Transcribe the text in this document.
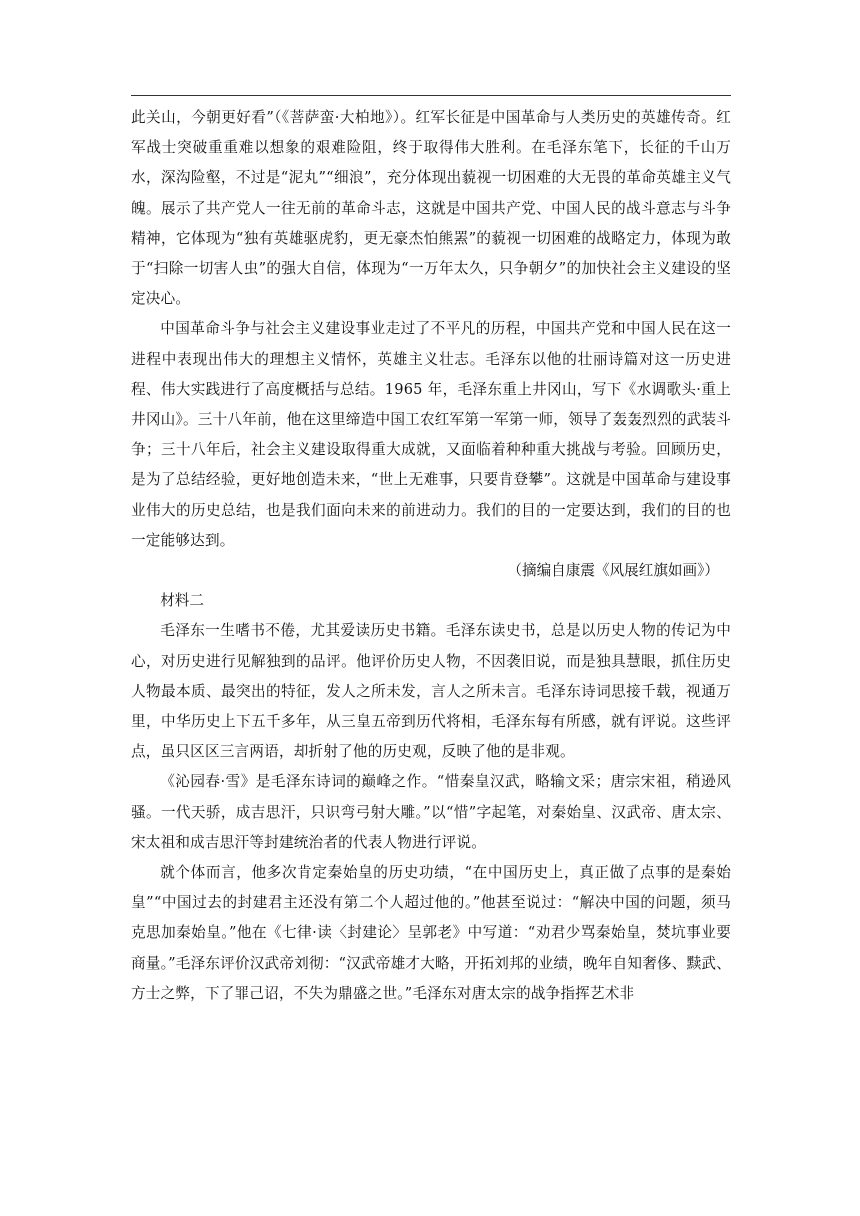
此关山，今朝更好看”（《菩萨蛮·大柏地》）。红军长征是中国革命与人类历史的英雄传奇。红军战士突破重重难以想象的艰难险阻，终于取得伟大胜利。在毛泽东笔下，长征的千山万水，深沟险壑，不过是“泥丸”“细浪”，充分体现出藐视一切困难的大无畏的革命英雄主义气魄。展示了共产党人一往无前的革命斗志，这就是中国共产党、中国人民的战斗意志与斗争精神，它体现为“独有英雄驱虎豹，更无豪杰怕熊罴”的藐视一切困难的战略定力，体现为敢于“扫除一切害人虫”的强大自信，体现为“一万年太久，只争朝夕”的加快社会主义建设的坚定决心。

中国革命斗争与社会主义建设事业走过了不平凡的历程，中国共产党和中国人民在这一进程中表现出伟大的理想主义情怀，英雄主义壮志。毛泽东以他的壮丽诗篇对这一历史进程、伟大实践进行了高度概括与总结。1965 年，毛泽东重上井冈山，写下《水调歌头·重上井冈山》。三十八年前，他在这里缔造中国工农红军第一军第一师，领导了轰轰烈烈的武装斗争；三十八年后，社会主义建设取得重大成就，又面临着种种重大挑战与考验。回顾历史，是为了总结经验，更好地创造未来，“世上无难事，只要肯登攀”。这就是中国革命与建设事业伟大的历史总结，也是我们面向未来的前进动力。我们的目的一定要达到，我们的目的也一定能够达到。

（摘编自康震《风展红旗如画》）

材料二

毛泽东一生嗜书不倦，尤其爱读历史书籍。毛泽东读史书，总是以历史人物的传记为中心，对历史进行见解独到的品评。他评价历史人物，不因袭旧说，而是独具慧眼，抓住历史人物最本质、最突出的特征，发人之所未发，言人之所未言。毛泽东诗词思接千载，视通万里，中华历史上下五千多年，从三皇五帝到历代将相，毛泽东每有所感，就有评说。这些评点，虽只区区三言两语，却折射了他的历史观，反映了他的是非观。

《沁园春·雪》是毛泽东诗词的巅峰之作。“惜秦皇汉武，略输文采；唐宗宋祖，稍逊风骚。一代天骄，成吉思汗，只识弯弓射大雕。”以“惜”字起笔，对秦始皇、汉武帝、唐太宗、宋太祖和成吉思汗等封建统治者的代表人物进行评说。

就个体而言，他多次肯定秦始皇的历史功绩，“在中国历史上，真正做了点事的是秦始皇”“中国过去的封建君主还没有第二个人超过他的。”他甚至说过：“解决中国的问题，须马克思加秦始皇。”他在《七律·读〈封建论〉呈郭老》中写道：“劝君少骂秦始皇，焚坑事业要商量。”毛泽东评价汉武帝刘彻：“汉武帝雄才大略，开拓刘邦的业绩，晚年自知奢侈、黩武、方士之弊，下了罪己诏，不失为鼎盛之世。”毛泽东对唐太宗的战争指挥艺术非
